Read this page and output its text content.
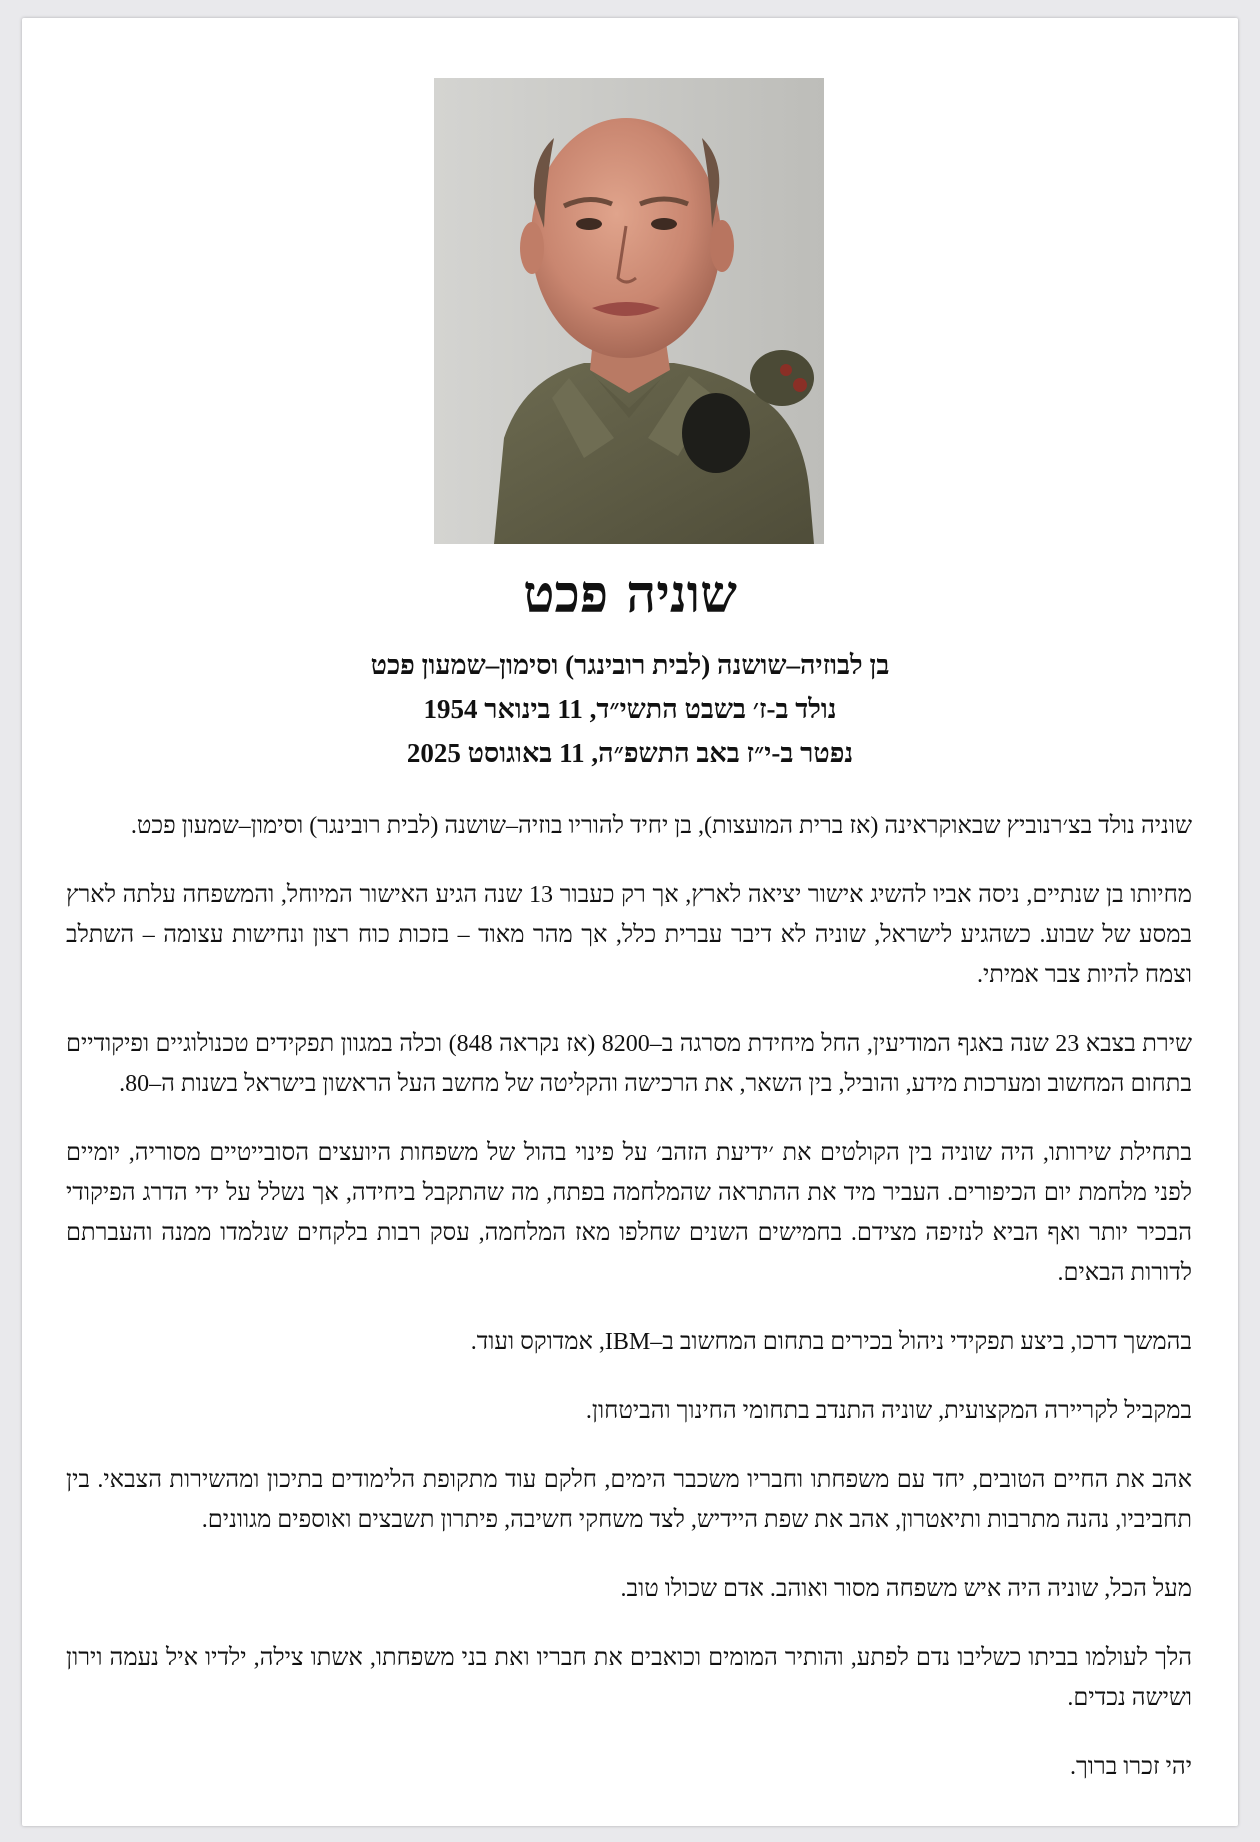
שוניה פכט

בן לבוזיה–שושנה (לבית רובינגר) וסימון–שמעון פכט

נולד ב-ז׳ בשבט התשי״ד, 11 בינואר 1954

נפטר ב-י״ז באב התשפ״ה, 11 באוגוסט 2025

שוניה נולד בצ׳רנוביץ שבאוקראינה (אז ברית המועצות), בן יחיד להוריו בוזיה–שושנה (לבית רובינגר) וסימון–שמעון פכט.

מחיותו בן שנתיים, ניסה אביו להשיג אישור יציאה לארץ, אך רק כעבור 13 שנה הגיע האישור המיוחל, והמשפחה עלתה לארץ במסע של שבוע. כשהגיע לישראל, שוניה לא דיבר עברית כלל, אך מהר מאוד – בזכות כוח רצון ונחישות עצומה – השתלב וצמח להיות צבר אמיתי.

שירת בצבא 23 שנה באגף המודיעין, החל מיחידת מסרגה ב–8200 (אז נקראה 848) וכלה במגוון תפקידים טכנולוגיים ופיקודיים בתחום המחשוב ומערכות מידע, והוביל, בין השאר, את הרכישה והקליטה של מחשב העל הראשון בישראל בשנות ה–80.

בתחילת שירותו, היה שוניה בין הקולטים את ׳ידיעת הזהב׳ על פינוי בהול של משפחות היועצים הסובייטיים מסוריה, יומיים לפני מלחמת יום הכיפורים. העביר מיד את ההתראה שהמלחמה בפתח, מה שהתקבל ביחידה, אך נשלל על ידי הדרג הפיקודי הבכיר יותר ואף הביא לנזיפה מצידם. בחמישים השנים שחלפו מאז המלחמה, עסק רבות בלקחים שנלמדו ממנה והעברתם לדורות הבאים.

בהמשך דרכו, ביצע תפקידי ניהול בכירים בתחום המחשוב ב–IBM, אמדוקס ועוד.

במקביל לקריירה המקצועית, שוניה התנדב בתחומי החינוך והביטחון.

אהב את החיים הטובים, יחד עם משפחתו וחבריו משכבר הימים, חלקם עוד מתקופת הלימודים בתיכון ומהשירות הצבאי. בין תחביביו, נהנה מתרבות ותיאטרון, אהב את שפת היידיש, לצד משחקי חשיבה, פיתרון תשבצים ואוספים מגוונים.

מעל הכל, שוניה היה איש משפחה מסור ואוהב. אדם שכולו טוב.

הלך לעולמו בביתו כשליבו נדם לפתע, והותיר המומים וכואבים את חבריו ואת בני משפחתו, אשתו צילה, ילדיו איל נעמה וירון ושישה נכדים.

יהי זכרו ברוך.
